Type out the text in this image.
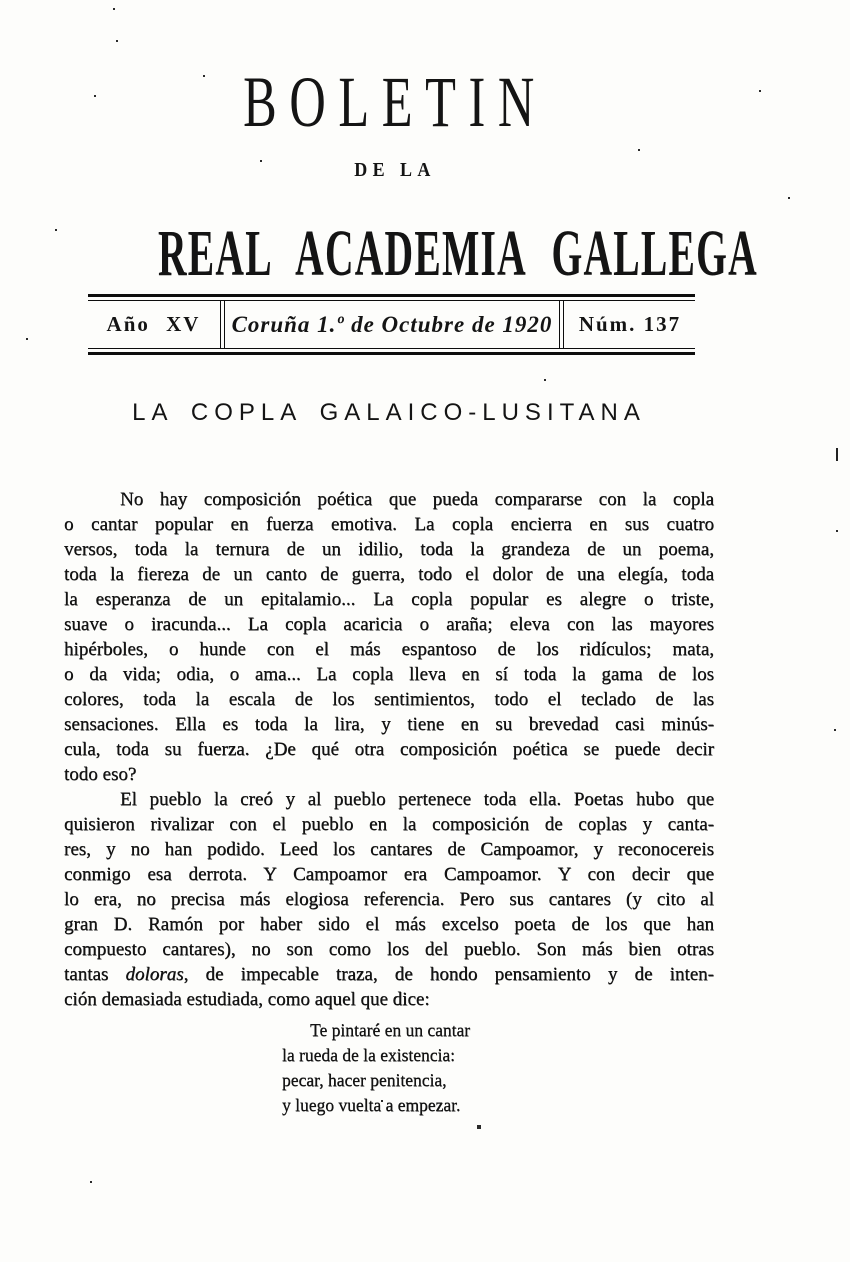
BOLETIN
DE LA
REAL ACADEMIA GALLEGA
Año XV	Coruña 1.º de Octubre de 1920	Núm. 137
LA COPLA GALAICO-LUSITANA
No hay composición poética que pueda compararse con la copla
o cantar popular en fuerza emotiva. La copla encierra en sus cuatro
versos, toda la ternura de un idilio, toda la grandeza de un poema,
toda la fiereza de un canto de guerra, todo el dolor de una elegía, toda
la esperanza de un epitalamio... La copla popular es alegre o triste,
suave o iracunda... La copla acaricia o araña; eleva con las mayores
hipérboles, o hunde con el más espantoso de los ridículos; mata,
o da vida; odia, o ama... La copla lleva en sí toda la gama de los
colores, toda la escala de los sentimientos, todo el teclado de las
sensaciones. Ella es toda la lira, y tiene en su brevedad casi minús-
cula, toda su fuerza. ¿De qué otra composición poética se puede decir
todo eso?
El pueblo la creó y al pueblo pertenece toda ella. Poetas hubo que
quisieron rivalizar con el pueblo en la composición de coplas y canta-
res, y no han podido. Leed los cantares de Campoamor, y reconocereis
conmigo esa derrota. Y Campoamor era Campoamor. Y con decir que
lo era, no precisa más elogiosa referencia. Pero sus cantares (y cito al
gran D. Ramón por haber sido el más excelso poeta de los que han
compuesto cantares), no son como los del pueblo. Son más bien otras
tantas doloras, de impecable traza, de hondo pensamiento y de inten-
ción demasiada estudiada, como aquel que dice:
Te pintaré en un cantar
la rueda de la existencia:
pecar, hacer penitencia,
y luego vuelta a empezar.
